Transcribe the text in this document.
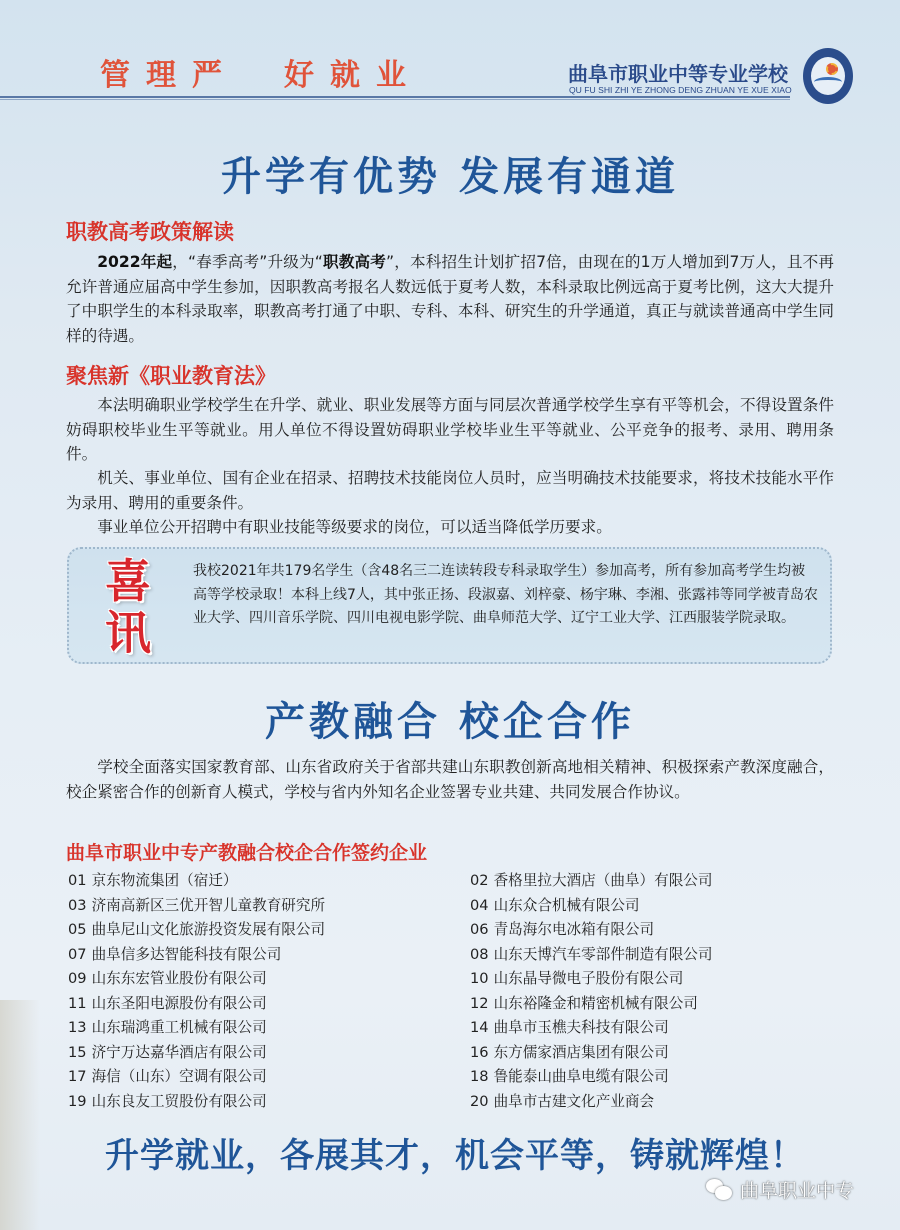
管 理 严 好 就 业	曲阜市职业中等专业学校
QU FU SHI ZHI YE ZHONG DENG ZHUAN YE XUE XIAO
升学有优势 发展有通道
职教高考政策解读

2022年起，“春季高考”升级为“职教高考”，本科招生计划扩招7倍，由现在的1万人增加到7万人，且不再允许普通应届高中学生参加，因职教高考报名人数远低于夏考人数，本科录取比例远高于夏考比例，这大大提升了中职学生的本科录取率，职教高考打通了中职、专科、本科、研究生的升学通道，真正与就读普通高中学生同样的待遇。

聚焦新《职业教育法》

本法明确职业学校学生在升学、就业、职业发展等方面与同层次普通学校学生享有平等机会，不得设置条件妨碍职校毕业生平等就业。用人单位不得设置妨碍职业学校毕业生平等就业、公平竞争的报考、录用、聘用条件。

机关、事业单位、国有企业在招录、招聘技术技能岗位人员时，应当明确技术技能要求，将技术技能水平作为录用、聘用的重要条件。

事业单位公开招聘中有职业技能等级要求的岗位，可以适当降低学历要求。

喜
讯
我校2021年共179名学生（含48名三二连读转段专科录取学生）参加高考，所有参加高考学生均被高等学校录取！本科上线7人，其中张正扬、段淑嘉、刘梓豪、杨宇琳、李湘、张露祎等同学被青岛农业大学、四川音乐学院、四川电视电影学院、曲阜师范大学、辽宁工业大学、江西服装学院录取。
产教融合 校企合作

学校全面落实国家教育部、山东省政府关于省部共建山东职教创新高地相关精神、积极探索产教深度融合，校企紧密合作的创新育人模式，学校与省内外知名企业签署专业共建、共同发展合作协议。

曲阜市职业中专产教融合校企合作签约企业
01 京东物流集团（宿迁）	02 香格里拉大酒店（曲阜）有限公司
03 济南高新区三优开智儿童教育研究所	04 山东众合机械有限公司
05 曲阜尼山文化旅游投资发展有限公司	06 青岛海尔电冰箱有限公司
07 曲阜信多达智能科技有限公司	08 山东天博汽车零部件制造有限公司
09 山东东宏管业股份有限公司	10 山东晶导微电子股份有限公司
11 山东圣阳电源股份有限公司	12 山东裕隆金和精密机械有限公司
13 山东瑞鸿重工机械有限公司	14 曲阜市玉樵夫科技有限公司
15 济宁万达嘉华酒店有限公司	16 东方儒家酒店集团有限公司
17 海信（山东）空调有限公司	18 鲁能泰山曲阜电缆有限公司
19 山东良友工贸股份有限公司	20 曲阜市古建文化产业商会
升学就业，各展其才，机会平等，铸就辉煌！
曲阜职业中专
